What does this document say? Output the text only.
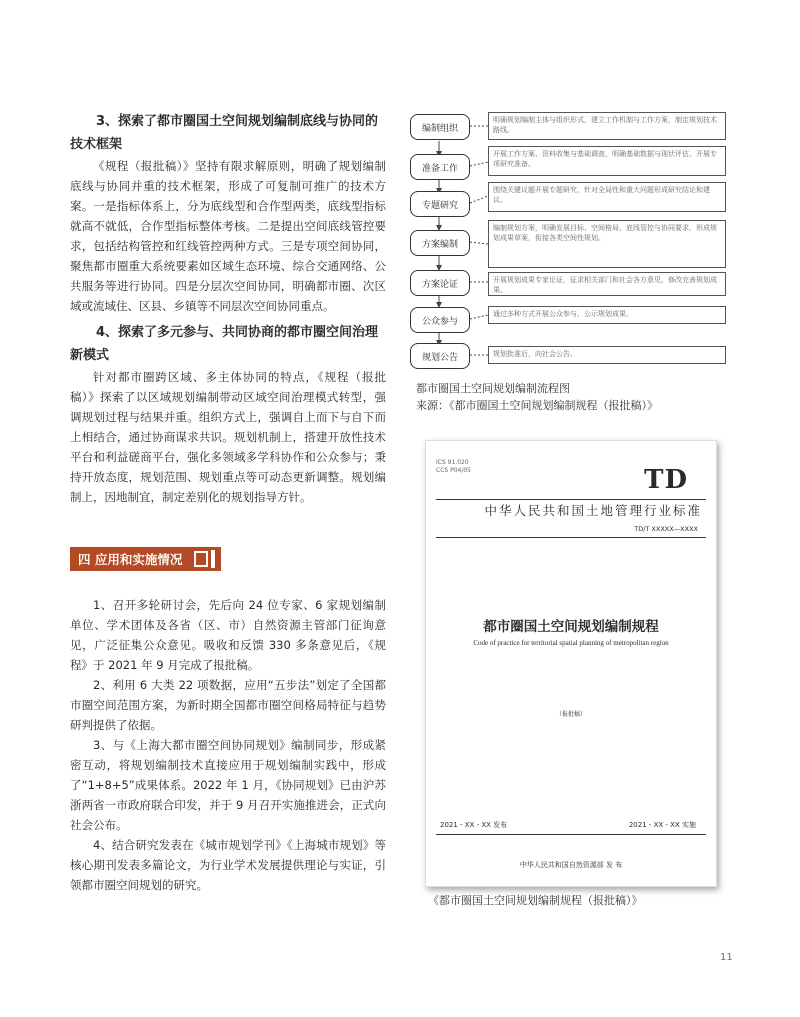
3、探索了都市圈国土空间规划编制底线与协同的技术框架

《规程（报批稿）》坚持有限求解原则，明确了规划编制底线与协同并重的技术框架，形成了可复制可推广的技术方案。一是指标体系上，分为底线型和合作型两类，底线型指标就高不就低，合作型指标整体考核。二是提出空间底线管控要求，包括结构管控和红线管控两种方式。三是专项空间协同，聚焦都市圈重大系统要素如区域生态环境、综合交通网络、公共服务等进行协同。四是分层次空间协同，明确都市圈、次区域或流域住、区县、乡镇等不同层次空间协同重点。

4、探索了多元参与、共同协商的都市圈空间治理新模式

针对都市圈跨区域、多主体协同的特点，《规程（报批稿）》探索了以区域规划编制带动区域空间治理模式转型，强调规划过程与结果并重。组织方式上，强调自上而下与自下而上相结合，通过协商谋求共识。规划机制上，搭建开放性技术平台和利益磋商平台，强化多领域多学科协作和公众参与；秉持开放态度，规划范围、规划重点等可动态更新调整。规划编制上，因地制宜，制定差别化的规划指导方针。

四 应用和实施情况

1、召开多轮研讨会，先后向 24 位专家、6 家规划编制单位、学术团体及各省（区、市）自然资源主管部门征询意见，广泛征集公众意见。吸收和反馈 330 多条意见后，《规程》于 2021 年 9 月完成了报批稿。

2、利用 6 大类 22 项数据，应用“五步法”划定了全国都市圈空间范围方案，为新时期全国都市圈空间格局特征与趋势研判提供了依据。

3、与《上海大都市圈空间协同规划》编制同步，形成紧密互动，将规划编制技术直接应用于规划编制实践中，形成了“1+8+5”成果体系。2022 年 1 月，《协同规划》已由沪苏浙两省一市政府联合印发，并于 9 月召开实施推进会，正式向社会公布。

4、结合研究发表在《城市规划学刊》《上海城市规划》等核心期刊发表多篇论文，为行业学术发展提供理论与实证，引领都市圈空间规划的研究。

编制组织
准备工作
专题研究
方案编制
方案论证
公众参与
规划公告
明确规划编制主体与组织形式，建立工作机制与工作方案，制定规划技术路线。
开展工作方案、资料收集与基础调查，明确基础数据与现状评估，开展专项研究准备。
围绕关键议题开展专题研究，针对全局性和重大问题形成研究结论和建议。
编制规划方案，明确发展目标、空间格局、底线管控与协同要求，形成规划成果草案，衔接各类空间性规划。
开展规划成果专家论证，征求相关部门和社会各方意见，修改完善规划成果。
通过多种方式开展公众参与，公示规划成果。
规划批准后，向社会公告。
都市圈国土空间规划编制流程图
来源：《都市圈国土空间规划编制规程（报批稿）》
ICS 91.020
CCS P04/05	TD
中华人民共和国土地管理行业标准
TD/T XXXXX—XXXX
都市圈国土空间规划编制规程
Code of practice for territorial spatial planning of metropolitan region
（报批稿）
2021 - XX - XX 发布	2021 - XX - XX 实施
中华人民共和国自然资源部 发 布
《都市圈国土空间规划编制规程（报批稿）》
11
